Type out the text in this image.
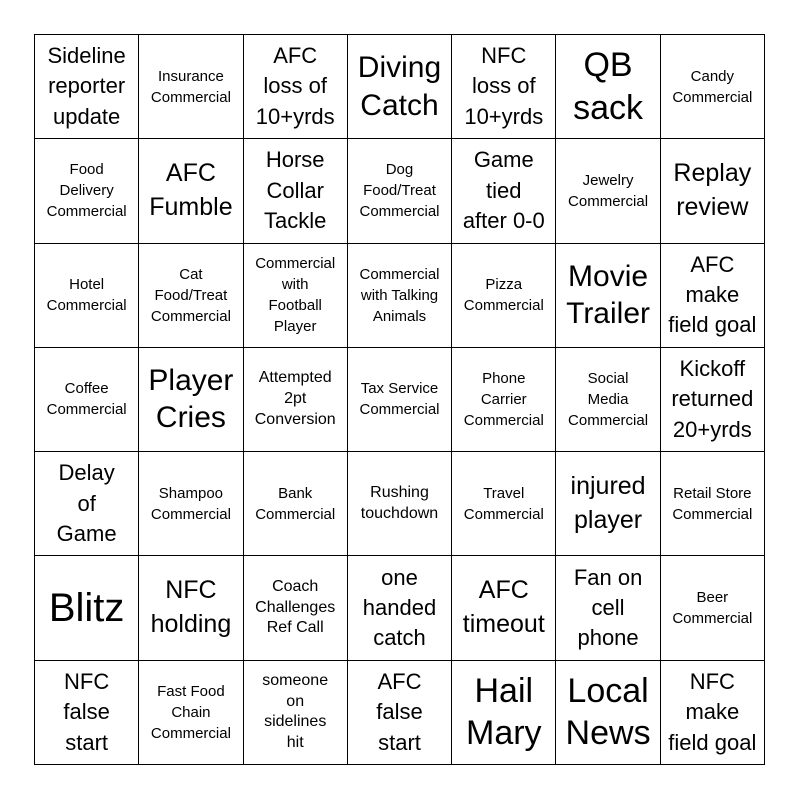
Sideline
reporter
update
Insurance
Commercial
AFC
loss of
10+yrds
Diving
Catch
NFC
loss of
10+yrds
QB
sack
Candy
Commercial
Food
Delivery
Commercial
AFC
Fumble
Horse
Collar
Tackle
Dog
Food/Treat
Commercial
Game
tied
after 0-0
Jewelry
Commercial
Replay
review
Hotel
Commercial
Cat
Food/Treat
Commercial
Commercial
with
Football
Player
Commercial
with Talking
Animals
Pizza
Commercial
Movie
Trailer
AFC
make
field goal
Coffee
Commercial
Player
Cries
Attempted
2pt
Conversion
Tax Service
Commercial
Phone
Carrier
Commercial
Social
Media
Commercial
Kickoff
returned
20+yrds
Delay
of
Game
Shampoo
Commercial
Bank
Commercial
Rushing
touchdown
Travel
Commercial
injured
player
Retail Store
Commercial
Blitz	NFC
holding
Coach
Challenges
Ref Call
one
handed
catch
AFC
timeout
Fan on
cell
phone
Beer
Commercial
NFC
false
start
Fast Food
Chain
Commercial
someone
on
sidelines
hit
AFC
false
start
Hail
Mary
Local
News
NFC
make
field goal
